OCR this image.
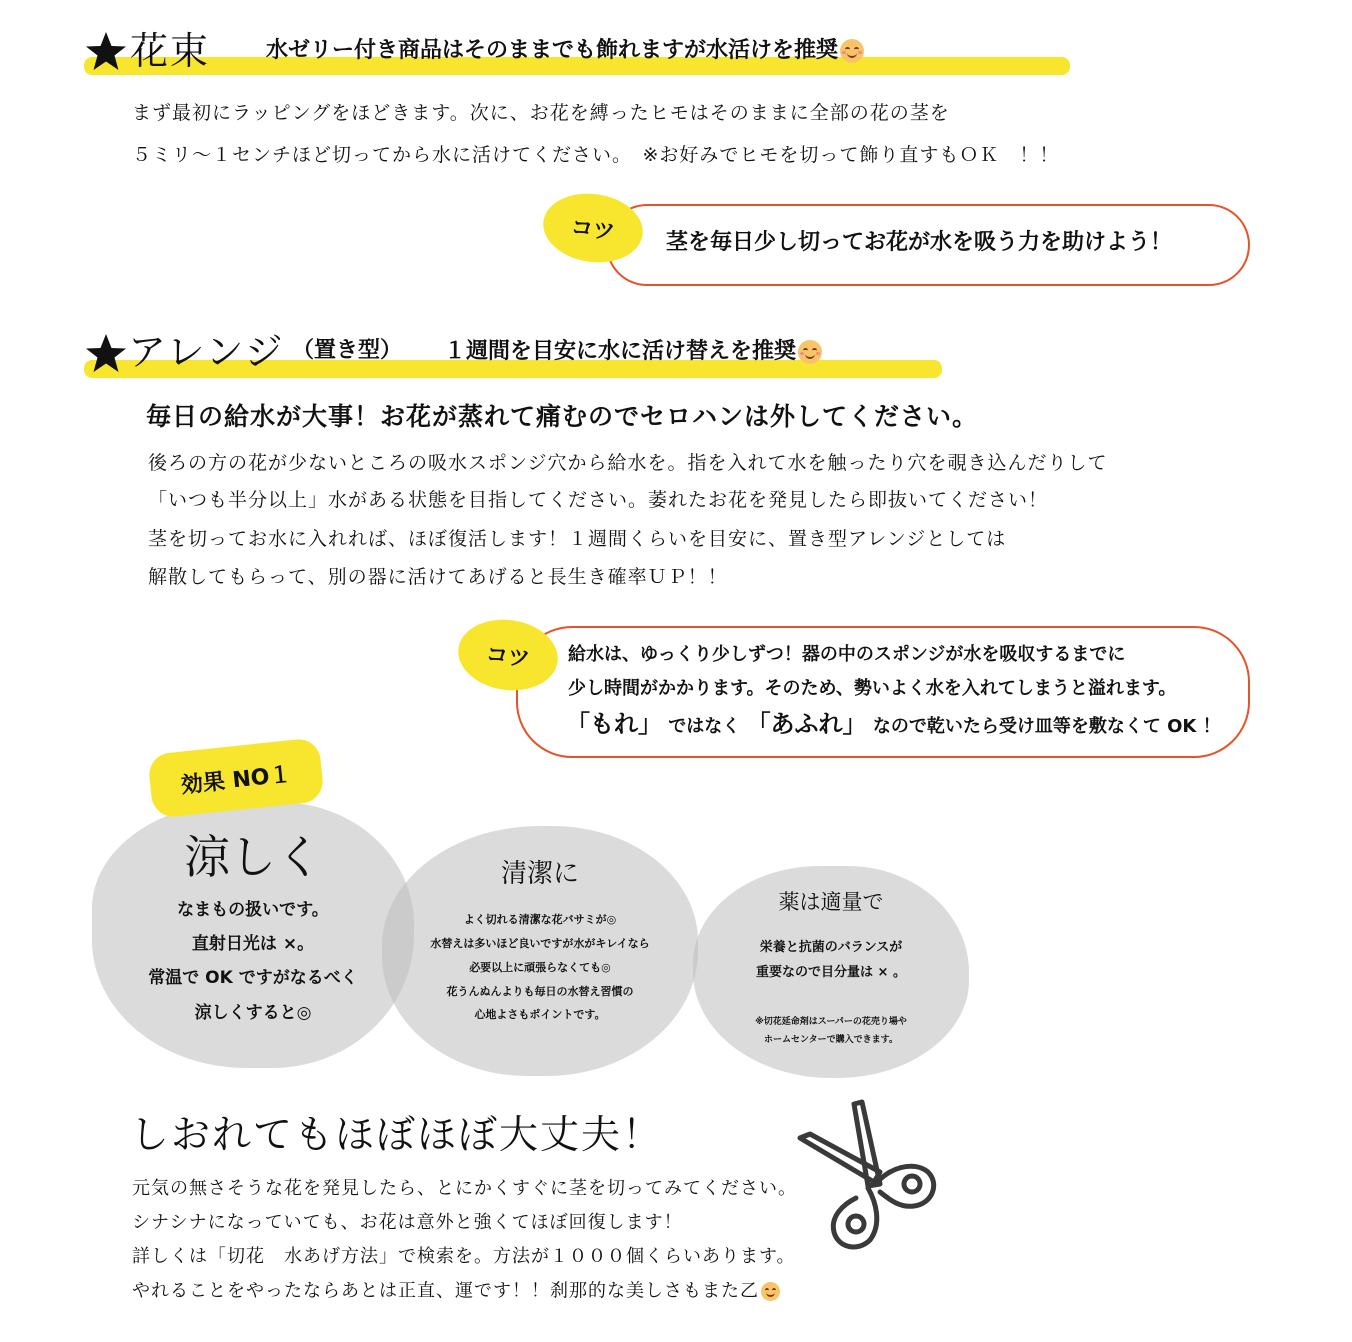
花束	水ゼリー付き商品はそのままでも飾れますが水活けを推奨
まず最初にラッピングをほどきます。次に、お花を縛ったヒモはそのままに全部の花の茎を
５ミリ～１センチほど切ってから水に活けてください。　※お好みでヒモを切って飾り直すもＯＫ　！！
コツ	茎を毎日少し切ってお花が水を吸う力を助けよう！
アレンジ （置き型） １週間を目安に水に活け替えを推奨
毎日の給水が大事！お花が蒸れて痛むのでセロハンは外してください。
後ろの方の花が少ないところの吸水スポンジ穴から給水を。指を入れて水を触ったり穴を覗き込んだりして
「いつも半分以上」水がある状態を目指してください。萎れたお花を発見したら即抜いてください！
茎を切ってお水に入れれば、ほぼ復活します！１週間くらいを目安に、置き型アレンジとしては
解散してもらって、別の器に活けてあげると長生き確率ＵＰ！！
コツ	給水は、ゆっくり少しずつ！器の中のスポンジが水を吸収するまでに
少し時間がかかります。そのため、勢いよく水を入れてしまうと溢れます。
「もれ」 ではなく 「あふれ」 なので乾いたら受け皿等を敷なくて OK ！
効果 NO１
涼しく
なまもの扱いです。
直射日光は ×。
常温で OK ですがなるべく
涼しくすると◎
清潔に
よく切れる清潔な花バサミが◎
水替えは多いほど良いですが水がキレイなら
必要以上に頑張らなくても◎
花うんぬんよりも毎日の水替え習慣の
心地よさもポイントです。
薬は適量で
栄養と抗菌のバランスが
重要なので目分量は × 。
※切花延命剤はスーパーの花売り場や
ホームセンターで購入できます。
しおれてもほぼほぼ大丈夫！
元気の無さそうな花を発見したら、とにかくすぐに茎を切ってみてください。
シナシナになっていても、お花は意外と強くてほぼ回復します！
詳しくは「切花　水あげ方法」で検索を。方法が１０００個くらいあります。
やれることをやったならあとは正直、運です！！刹那的な美しさもまた乙
